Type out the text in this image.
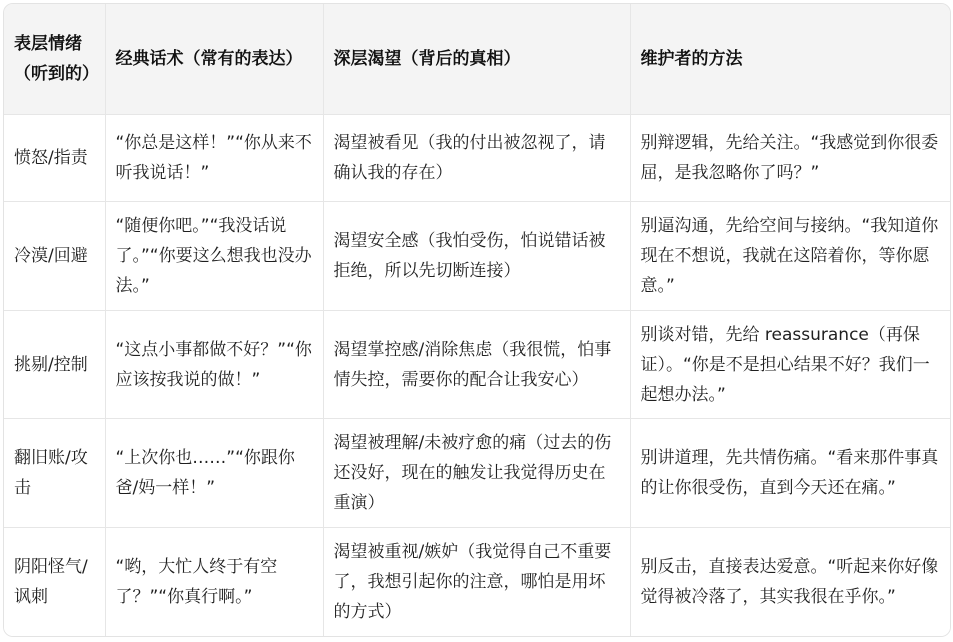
表层情绪（听到的）	经典话术（常有的表达）	深层渴望（背后的真相）	维护者的方法
愤怒/指责	“你总是这样！”“你从来不听我说话！”	渴望被看见（我的付出被忽视了，请确认我的存在）	别辩逻辑，先给关注。“我感觉到你很委屈，是我忽略你了吗？”
冷漠/回避	“随便你吧。”“我没话说了。”“你要这么想我也没办法。”	渴望安全感（我怕受伤，怕说错话被拒绝，所以先切断连接）	别逼沟通，先给空间与接纳。“我知道你现在不想说，我就在这陪着你，等你愿意。”
挑剔/控制	“这点小事都做不好？”“你应该按我说的做！”	渴望掌控感/消除焦虑（我很慌，怕事情失控，需要你的配合让我安心）	别谈对错，先给 reassurance（再保证）。“你是不是担心结果不好？我们一起想办法。”
翻旧账/攻击	“上次你也……”“你跟你爸/妈一样！”	渴望被理解/未被疗愈的痛（过去的伤还没好，现在的触发让我觉得历史在重演）	别讲道理，先共情伤痛。“看来那件事真的让你很受伤，直到今天还在痛。”
阴阳怪气/讽刺	“哟，大忙人终于有空了？”“你真行啊。”	渴望被重视/嫉妒（我觉得自己不重要了，我想引起你的注意，哪怕是用坏的方式）	别反击，直接表达爱意。“听起来你好像觉得被冷落了，其实我很在乎你。”
